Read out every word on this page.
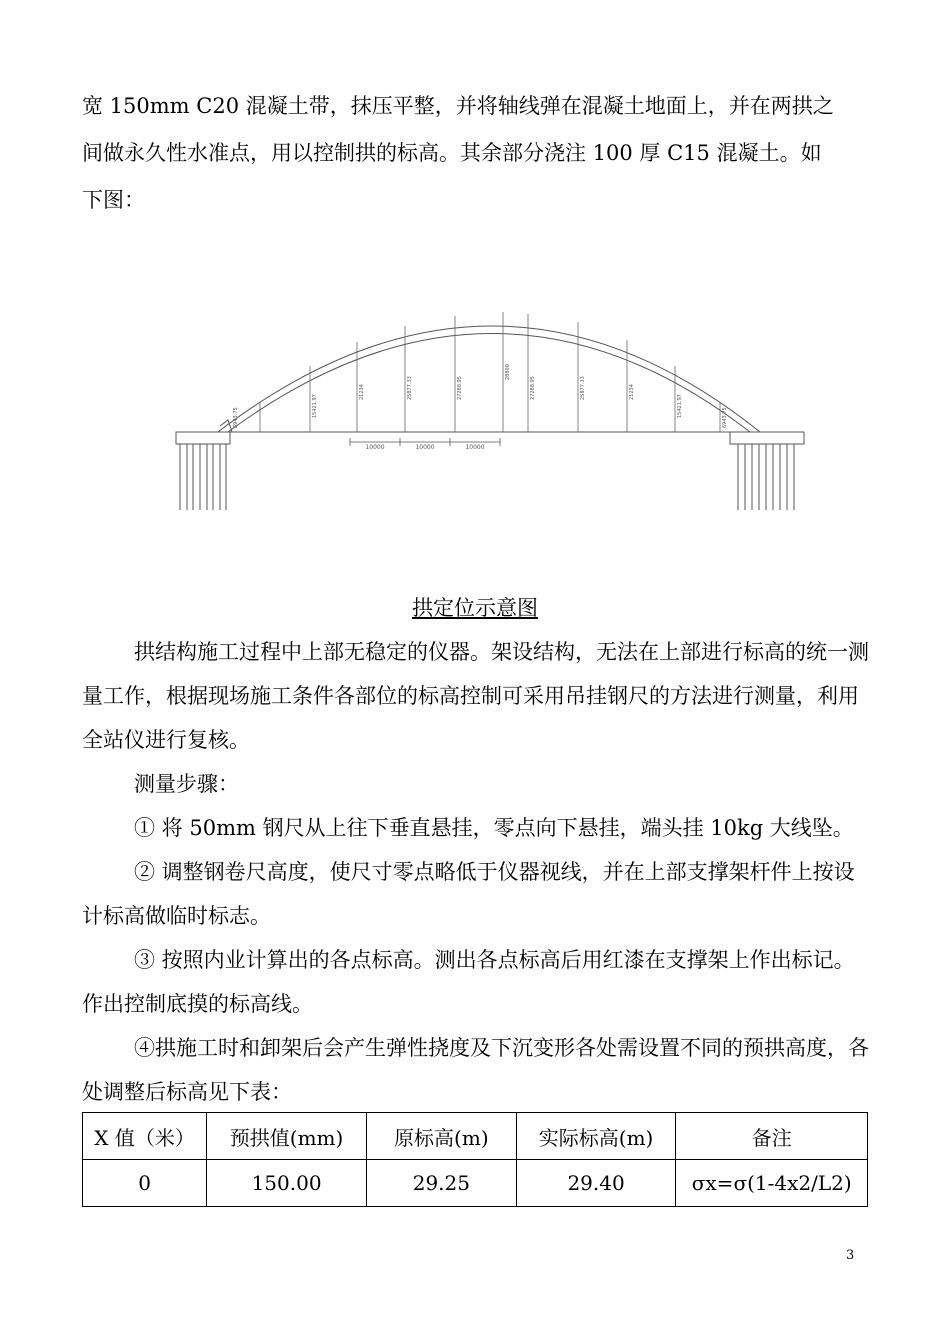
宽 150mm C20 混凝土带，抹压平整，并将轴线弹在混凝土地面上，并在两拱之
间做永久性水准点，用以控制拱的标高。其余部分浇注 100 厚 C15 混凝土。如
下图：
6943.75	15421.97
21234	25877.33	27288.95
28800
27288.95	25877.33	21234
15421.97	6943.75
10000	10000	10000
拱定位示意图

拱结构施工过程中上部无稳定的仪器。架设结构，无法在上部进行标高的统一测量工作，根据现场施工条件各部位的标高控制可采用吊挂钢尺的方法进行测量，利用全站仪进行复核。

测量步骤：

① 将 50mm 钢尺从上往下垂直悬挂，零点向下悬挂，端头挂 10kg 大线坠。

② 调整钢卷尺高度，使尺寸零点略低于仪器视线，并在上部支撑架杆件上按设计标高做临时标志。

③ 按照内业计算出的各点标高。测出各点标高后用红漆在支撑架上作出标记。作出控制底摸的标高线。

④拱施工时和卸架后会产生弹性挠度及下沉变形各处需设置不同的预拱高度，各处调整后标高见下表：

X 值（米）	预拱值(mm)	原标高(m)	实际标高(m)	备注
0	150.00	29.25	29.40	σx=σ(1-4x2/L2)
3
